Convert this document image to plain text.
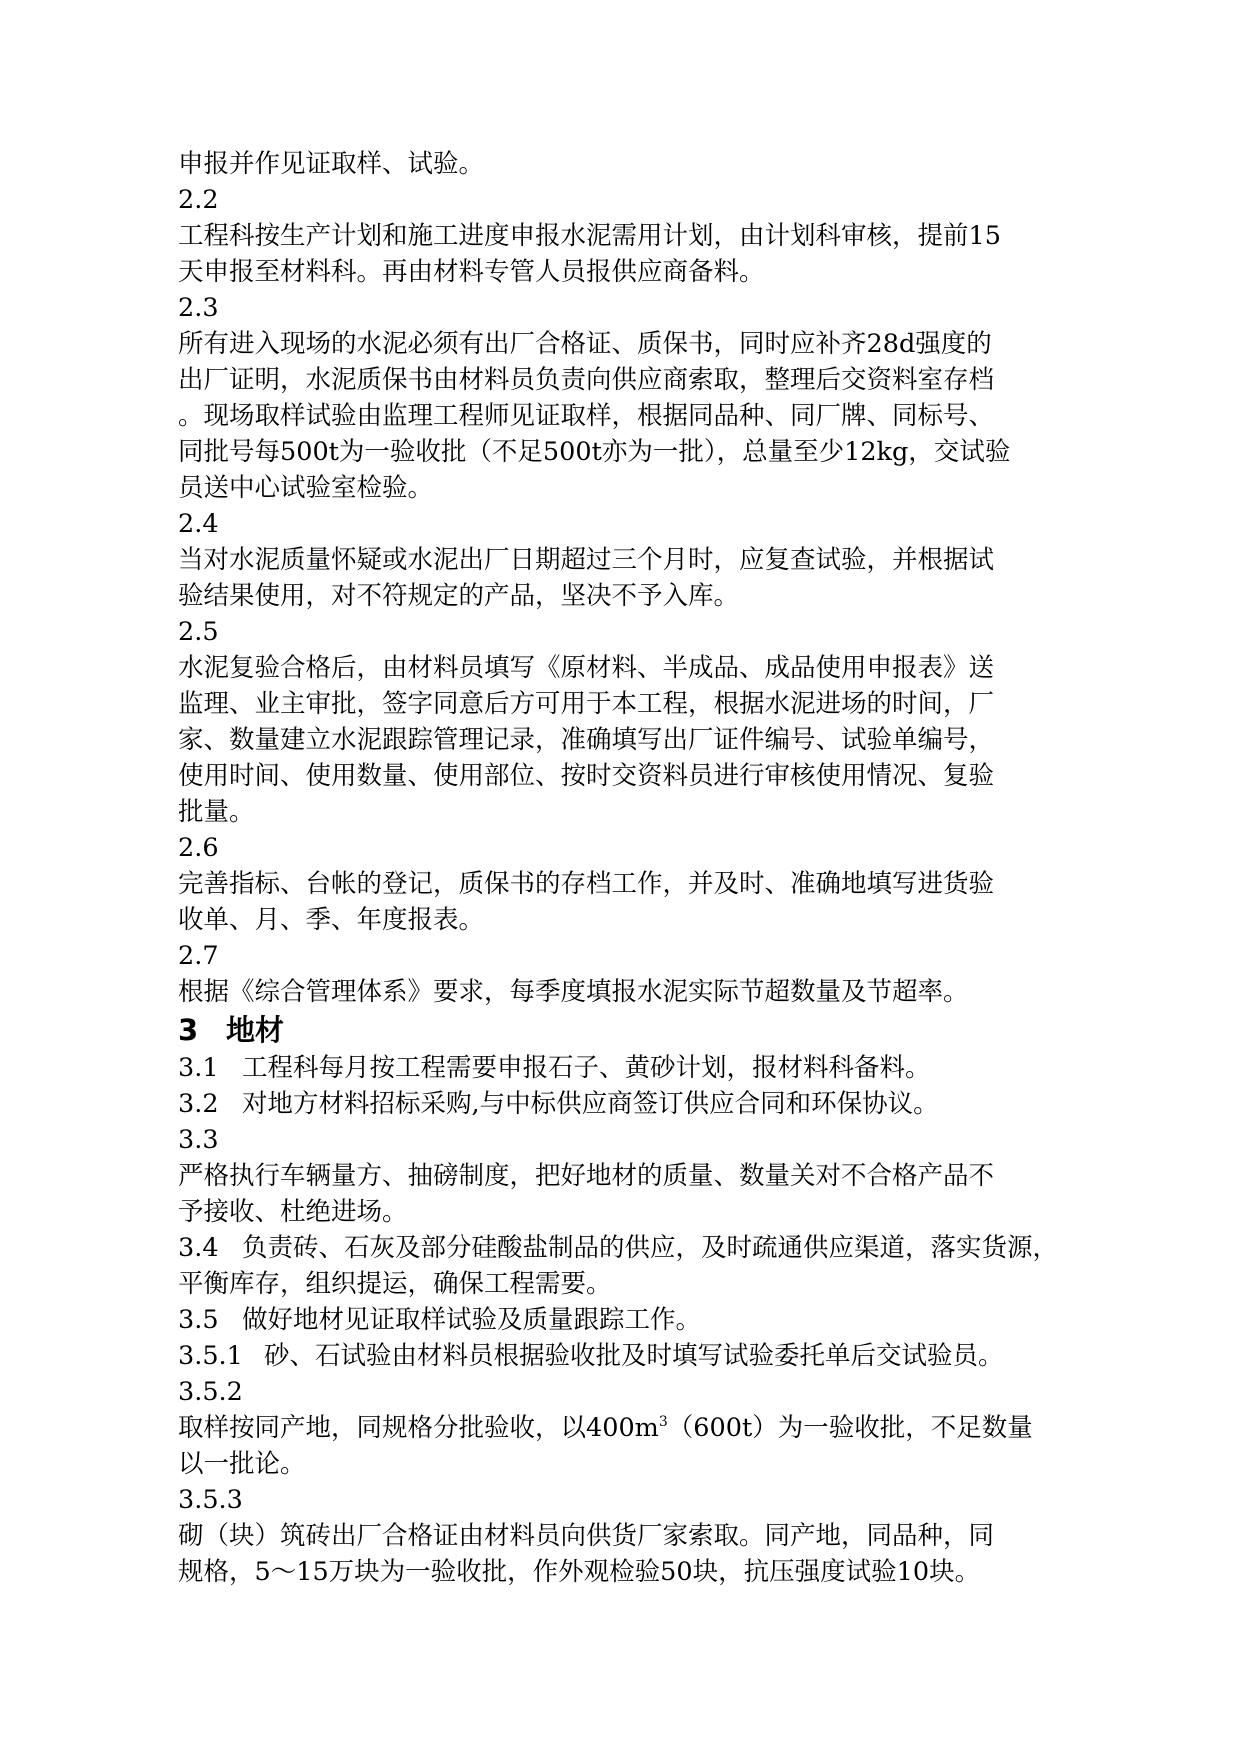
申报并作见证取样、试验。
2.2
工程科按生产计划和施工进度申报水泥需用计划，由计划科审核，提前15
天申报至材料科。再由材料专管人员报供应商备料。
2.3
所有进入现场的水泥必须有出厂合格证、质保书，同时应补齐28d强度的
出厂证明，水泥质保书由材料员负责向供应商索取，整理后交资料室存档
。现场取样试验由监理工程师见证取样，根据同品种、同厂牌、同标号、
同批号每500t为一验收批（不足500t亦为一批），总量至少12kg，交试验
员送中心试验室检验。
2.4
当对水泥质量怀疑或水泥出厂日期超过三个月时，应复查试验，并根据试
验结果使用，对不符规定的产品，坚决不予入库。
2.5
水泥复验合格后，由材料员填写《原材料、半成品、成品使用申报表》送
监理、业主审批，签字同意后方可用于本工程，根据水泥进场的时间，厂
家、数量建立水泥跟踪管理记录，准确填写出厂证件编号、试验单编号，
使用时间、使用数量、使用部位、按时交资料员进行审核使用情况、复验
批量。
2.6
完善指标、台帐的登记，质保书的存档工作，并及时、准确地填写进货验
收单、月、季、年度报表。
2.7
根据《综合管理体系》要求，每季度填报水泥实际节超数量及节超率。
3 地材
3.1 工程科每月按工程需要申报石子、黄砂计划，报材料科备料。
3.2 对地方材料招标采购,与中标供应商签订供应合同和环保协议。
3.3
严格执行车辆量方、抽磅制度，把好地材的质量、数量关对不合格产品不
予接收、杜绝进场。
3.4 负责砖、石灰及部分硅酸盐制品的供应，及时疏通供应渠道，落实货源，
平衡库存，组织提运，确保工程需要。
3.5 做好地材见证取样试验及质量跟踪工作。
3.5.1 砂、石试验由材料员根据验收批及时填写试验委托单后交试验员。
3.5.2
取样按同产地，同规格分批验收，以$400m^3(600t)$为一验收批，不足数量
以一批论。
3.5.3
砌（块）筑砖出厂合格证由材料员向供货厂家索取。同产地，同品种，同
规格，5～15万块为一验收批，作外观检验50块，抗压强度试验10块。
